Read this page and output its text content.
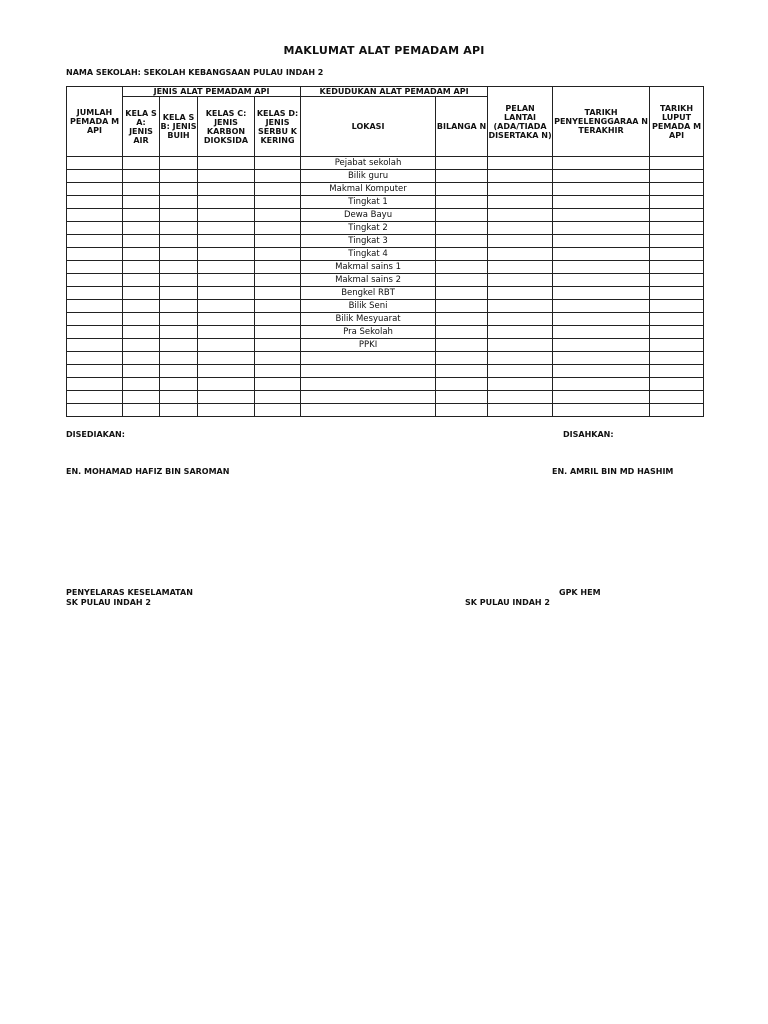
MAKLUMAT ALAT PEMADAM API
NAMA SEKOLAH: SEKOLAH KEBANGSAAN PULAU INDAH 2
JUMLAH PEMADA M API	JENIS ALAT PEMADAM API				KEDUDUKAN ALAT PEMADAM API		PELAN LANTAI (ADA/TIADA DISERTAKA N)	TARIKH PENYELENGGARAA N TERAKHIR	TARIKH LUPUT PEMADA M API
	KELA S A: JENIS AIR	KELA S B: JENIS BUIH	KELAS C: JENIS KARBON DIOKSIDA	KELAS D: JENIS SERBU K KERING	LOKASI	BILANGA N			
					Pejabat sekolah				
					Bilik guru				
					Makmal Komputer				
					Tingkat 1				
					Dewa Bayu				
					Tingkat 2				
					Tingkat 3				
					Tingkat 4				
					Makmal sains 1				
					Makmal sains 2				
					Bengkel RBT				
					Bilik Seni				
					Bilik Mesyuarat				
					Pra Sekolah				
					PPKI				

DISEDIAKAN:	DISAHKAN:
EN. MOHAMAD HAFIZ BIN SAROMAN	EN. AMRIL BIN MD HASHIM
PENYELARAS KESELAMATAN
SK PULAU INDAH 2
GPK HEM
SK PULAU INDAH 2
